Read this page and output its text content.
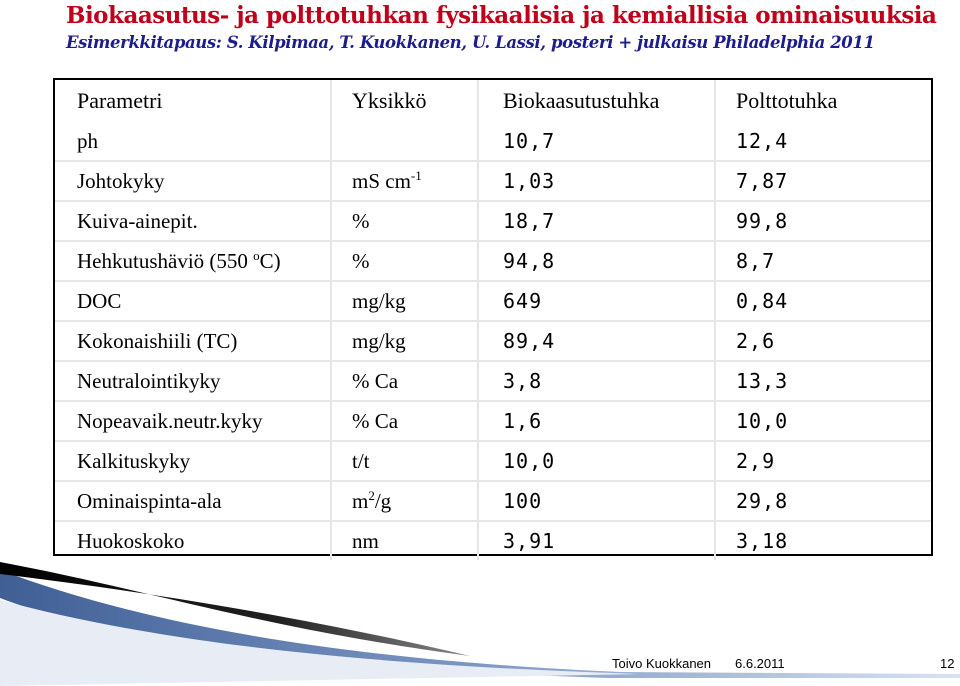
Biokaasutus- ja polttotuhkan fysikaalisia ja kemiallisia ominaisuuksia
Esimerkkitapaus: S. Kilpimaa, T. Kuokkanen, U. Lassi, posteri + julkaisu Philadelphia 2011
Parametri	Yksikkö	Biokaasutustuhka	Polttotuhka
ph		10,7	12,4
Johtokyky	mS $cm^{-1}$	1,03	7,87
Kuiva-ainepit.	%	18,7	99,8
Hehkutushäviö (550 $^o$C)	%	94,8	8,7
DOC	mg/kg	649	0,84
Kokonaishiili (TC)	mg/kg	89,4	2,6
Neutralointikyky	% Ca	3,8	13,3
Nopeavaik.neutr.kyky	% Ca	1,6	10,0
Kalkituskyky	t/t	10,0	2,9
Ominaispinta-ala	$m^2/g$	100	29,8
Huokoskoko	nm	3,91	3,18
Toivo Kuokkanen 6.6.2011	12
